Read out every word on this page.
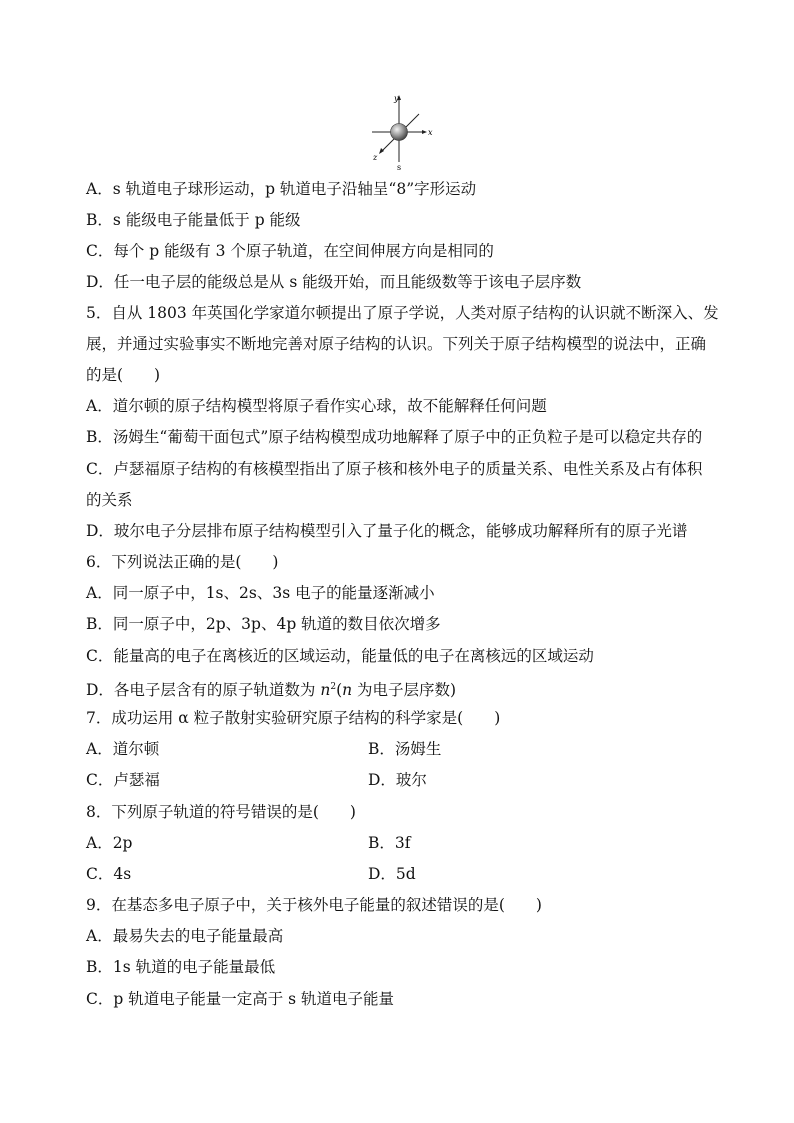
y
x
z
s
A．s 轨道电子球形运动，p 轨道电子沿轴呈“8”字形运动
B．s 能级电子能量低于 p 能级
C．每个 p 能级有 3 个原子轨道，在空间伸展方向是相同的
D．任一电子层的能级总是从 s 能级开始，而且能级数等于该电子层序数
5．自从 1803 年英国化学家道尔顿提出了原子学说，人类对原子结构的认识就不断深入、发
展，并通过实验事实不断地完善对原子结构的认识。下列关于原子结构模型的说法中，正确
的是(　　)
A．道尔顿的原子结构模型将原子看作实心球，故不能解释任何问题
B．汤姆生“葡萄干面包式”原子结构模型成功地解释了原子中的正负粒子是可以稳定共存的
C．卢瑟福原子结构的有核模型指出了原子核和核外电子的质量关系、电性关系及占有体积
的关系
D．玻尔电子分层排布原子结构模型引入了量子化的概念，能够成功解释所有的原子光谱
6．下列说法正确的是(　　)
A．同一原子中，1s、2s、3s 电子的能量逐渐减小
B．同一原子中，2p、3p、4p 轨道的数目依次增多
C．能量高的电子在离核近的区域运动，能量低的电子在离核远的区域运动
D．各电子层含有的原子轨道数为 $n^2(n$ 为电子层序数)
7．成功运用 α 粒子散射实验研究原子结构的科学家是(　　)
A．道尔顿	B．汤姆生
C．卢瑟福	D．玻尔
8．下列原子轨道的符号错误的是(　　)
A．2p	B．3f
C．4s	D．5d
9．在基态多电子原子中，关于核外电子能量的叙述错误的是(　　)
A．最易失去的电子能量最高
B．1s 轨道的电子能量最低
C．p 轨道电子能量一定高于 s 轨道电子能量
